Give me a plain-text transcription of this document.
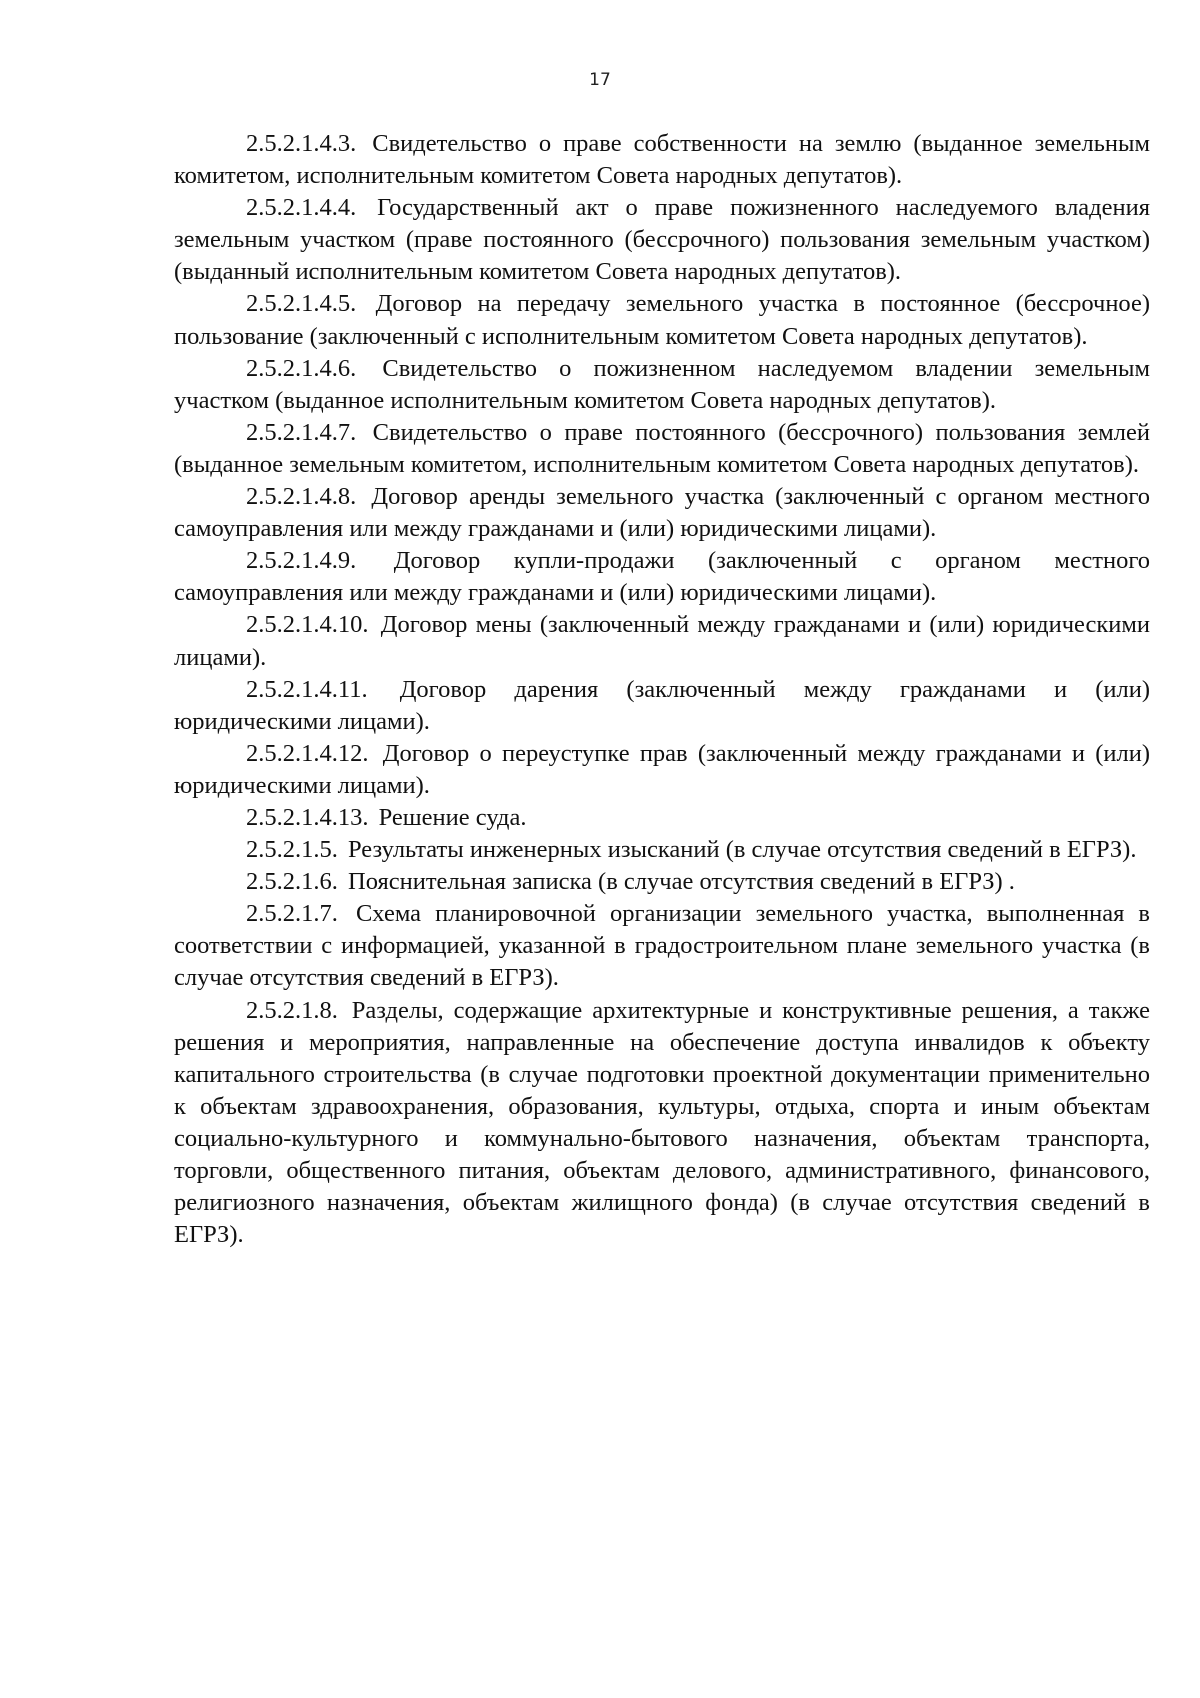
17

2.5.2.1.4.3. Свидетельство о праве собственности на землю (выданное земельным комитетом, исполнительным комитетом Совета народных депутатов).

2.5.2.1.4.4. Государственный акт о праве пожизненного наследуемого владения земельным участком (праве постоянного (бессрочного) пользования земельным участком) (выданный исполнительным комитетом Совета народных депутатов).

2.5.2.1.4.5. Договор на передачу земельного участка в постоянное (бессрочное) пользование (заключенный с исполнительным комитетом Совета народных депутатов).

2.5.2.1.4.6. Свидетельство о пожизненном наследуемом владении земельным участком (выданное исполнительным комитетом Совета народных депутатов).

2.5.2.1.4.7. Свидетельство о праве постоянного (бессрочного) пользования землей (выданное земельным комитетом, исполнительным комитетом Совета народных депутатов).

2.5.2.1.4.8. Договор аренды земельного участка (заключенный с органом местного самоуправления или между гражданами и (или) юридическими лицами).

2.5.2.1.4.9. Договор купли-продажи (заключенный с органом местного самоуправления или между гражданами и (или) юридическими лицами).

2.5.2.1.4.10. Договор мены (заключенный между гражданами и (или) юридическими лицами).

2.5.2.1.4.11. Договор дарения (заключенный между гражданами и (или) юридическими лицами).

2.5.2.1.4.12. Договор о переуступке прав (заключенный между гражданами и (или) юридическими лицами).

2.5.2.1.4.13. Решение суда.

2.5.2.1.5. Результаты инженерных изысканий (в случае отсутствия сведений в ЕГРЗ).

2.5.2.1.6. Пояснительная записка (в случае отсутствия сведений в ЕГРЗ) .

2.5.2.1.7. Схема планировочной организации земельного участка, выполненная в соответствии с информацией, указанной в градостроительном плане земельного участка (в случае отсутствия сведений в ЕГРЗ).

2.5.2.1.8. Разделы, содержащие архитектурные и конструктивные решения, а также решения и мероприятия, направленные на обеспечение доступа инвалидов к объекту капитального строительства (в случае подготовки проектной документации применительно к объектам здравоохранения, образования, культуры, отдыха, спорта и иным объектам социально-культурного и коммунально-бытового назначения, объектам транспорта, торговли, общественного питания, объектам делового, административного, финансового, религиозного назначения, объектам жилищного фонда) (в случае отсутствия сведений в ЕГРЗ).
